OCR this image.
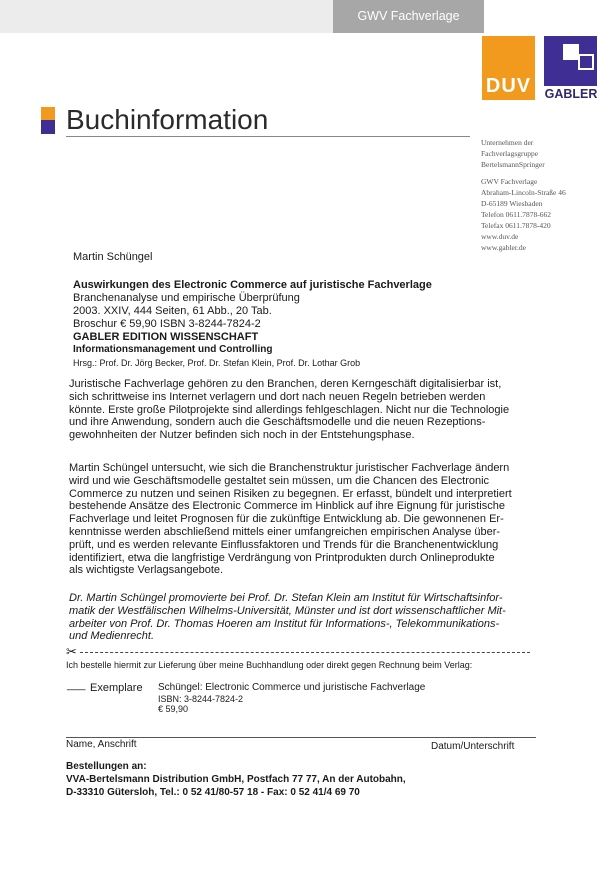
GWV Fachverlage
DUV	GABLER
Buchinformation
Unternehmen der
Fachverlagsgruppe
BertelsmannSpringer
GWV Fachverlage
Abraham-Lincoln-Straße 46
D-65189 Wiesbaden
Telefon 0611.7878-662
Telefax 0611.7878-420
www.duv.de
www.gabler.de
Martin Schüngel
Auswirkungen des Electronic Commerce auf juristische Fachverlage
Branchenanalyse und empirische Überprüfung
2003. XXIV, 444 Seiten, 61 Abb., 20 Tab.
Broschur € 59,90 ISBN 3-8244-7824-2
GABLER EDITION WISSENSCHAFT
Informationsmanagement und Controlling
Hrsg.: Prof. Dr. Jörg Becker, Prof. Dr. Stefan Klein, Prof. Dr. Lothar Grob
Juristische Fachverlage gehören zu den Branchen, deren Kerngeschäft digitalisierbar ist,
sich schrittweise ins Internet verlagern und dort nach neuen Regeln betrieben werden
könnte. Erste große Pilotprojekte sind allerdings fehlgeschlagen. Nicht nur die Technologie
und ihre Anwendung, sondern auch die Geschäftsmodelle und die neuen Rezeptions-
gewohnheiten der Nutzer befinden sich noch in der Entstehungsphase.
Martin Schüngel untersucht, wie sich die Branchenstruktur juristischer Fachverlage ändern
wird und wie Geschäftsmodelle gestaltet sein müssen, um die Chancen des Electronic
Commerce zu nutzen und seinen Risiken zu begegnen. Er erfasst, bündelt und interpretiert
bestehende Ansätze des Electronic Commerce im Hinblick auf ihre Eignung für juristische
Fachverlage und leitet Prognosen für die zukünftige Entwicklung ab. Die gewonnenen Er-
kenntnisse werden abschließend mittels einer umfangreichen empirischen Analyse über-
prüft, und es werden relevante Einflussfaktoren und Trends für die Branchenentwicklung
identifiziert, etwa die langfristige Verdrängung von Printprodukten durch Onlineprodukte
als wichtigste Verlagsangebote.
Dr. Martin Schüngel promovierte bei Prof. Dr. Stefan Klein am Institut für Wirtschaftsinfor-
matik der Westfälischen Wilhelms-Universität, Münster und ist dort wissenschaftlicher Mit-
arbeiter von Prof. Dr. Thomas Hoeren am Institut für Informations-, Telekommunikations-
und Medienrecht.
✂
Ich bestelle hiermit zur Lieferung über meine Buchhandlung oder direkt gegen Rechnung beim Verlag:
___ Exemplare Schüngel: Electronic Commerce und juristische Fachverlage
ISBN: 3-8244-7824-2
€ 59,90
Name, Anschrift	Datum/Unterschrift
Bestellungen an:
VVA-Bertelsmann Distribution GmbH, Postfach 77 77, An der Autobahn,
D-33310 Gütersloh, Tel.: 0 52 41/80-57 18 - Fax: 0 52 41/4 69 70
